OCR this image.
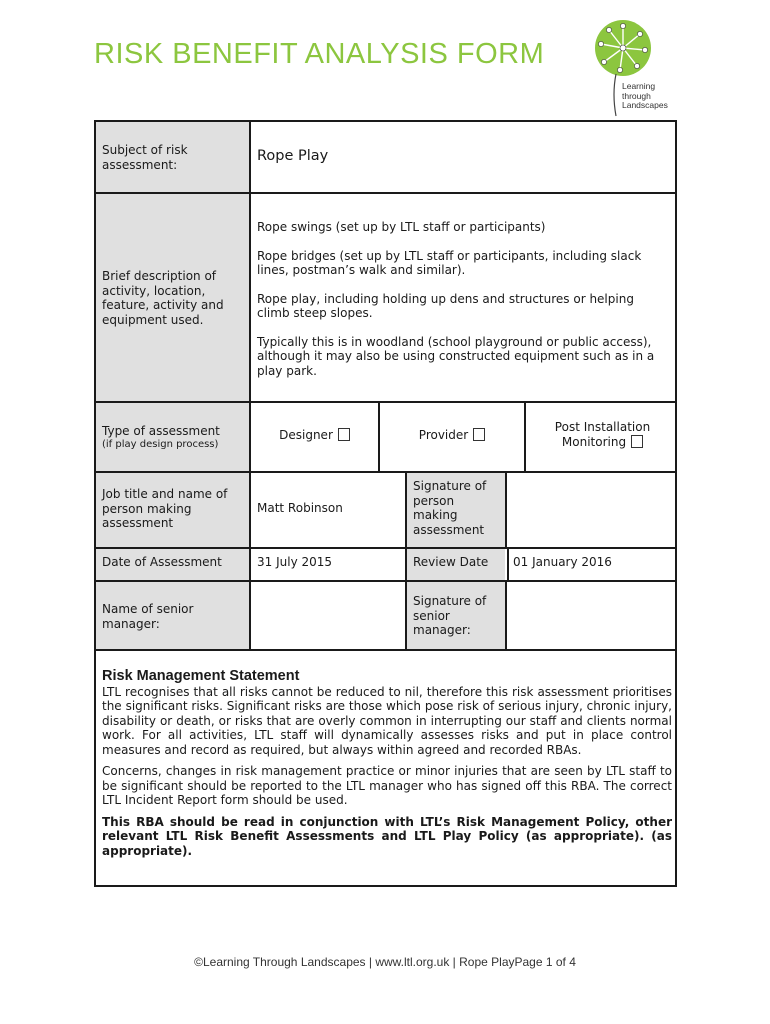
RISK BENEFIT ANALYSIS FORM
Learning
through
Landscapes
Subject of risk assessment:
Brief description of activity, location, feature, activity and equipment used.
Type of assessment
(if play design process)
Job title and name of person making assessment
Date of Assessment
Name of senior manager:
Signature of person making assessment
Review Date
Signature of senior manager:
Rope Play

Rope swings (set up by LTL staff or participants)

Rope bridges (set up by LTL staff or participants, including slack lines, postman’s walk and similar).

Rope play, including holding up dens and structures or helping climb steep slopes.

Typically this is in woodland (school playground or public access), although it may also be using constructed equipment such as in a play park.

Designer	Provider
Post Installation Monitoring
Matt Robinson
31 July 2015	01 January 2016
Risk Management Statement

LTL recognises that all risks cannot be reduced to nil, therefore this risk assessment prioritises the significant risks. Significant risks are those which pose risk of serious injury, chronic injury, disability or death, or risks that are overly common in interrupting our staff and clients normal work. For all activities, LTL staff will dynamically assesses risks and put in place control measures and record as required, but always within agreed and recorded RBAs.

Concerns, changes in risk management practice or minor injuries that are seen by LTL staff to be significant should be reported to the LTL manager who has signed off this RBA. The correct LTL Incident Report form should be used.

This RBA should be read in conjunction with LTL’s Risk Management Policy, other relevant LTL Risk Benefit Assessments and LTL Play Policy (as appropriate). (as appropriate).

©Learning Through Landscapes | www.ltl.org.uk | Rope PlayPage 1 of 4
